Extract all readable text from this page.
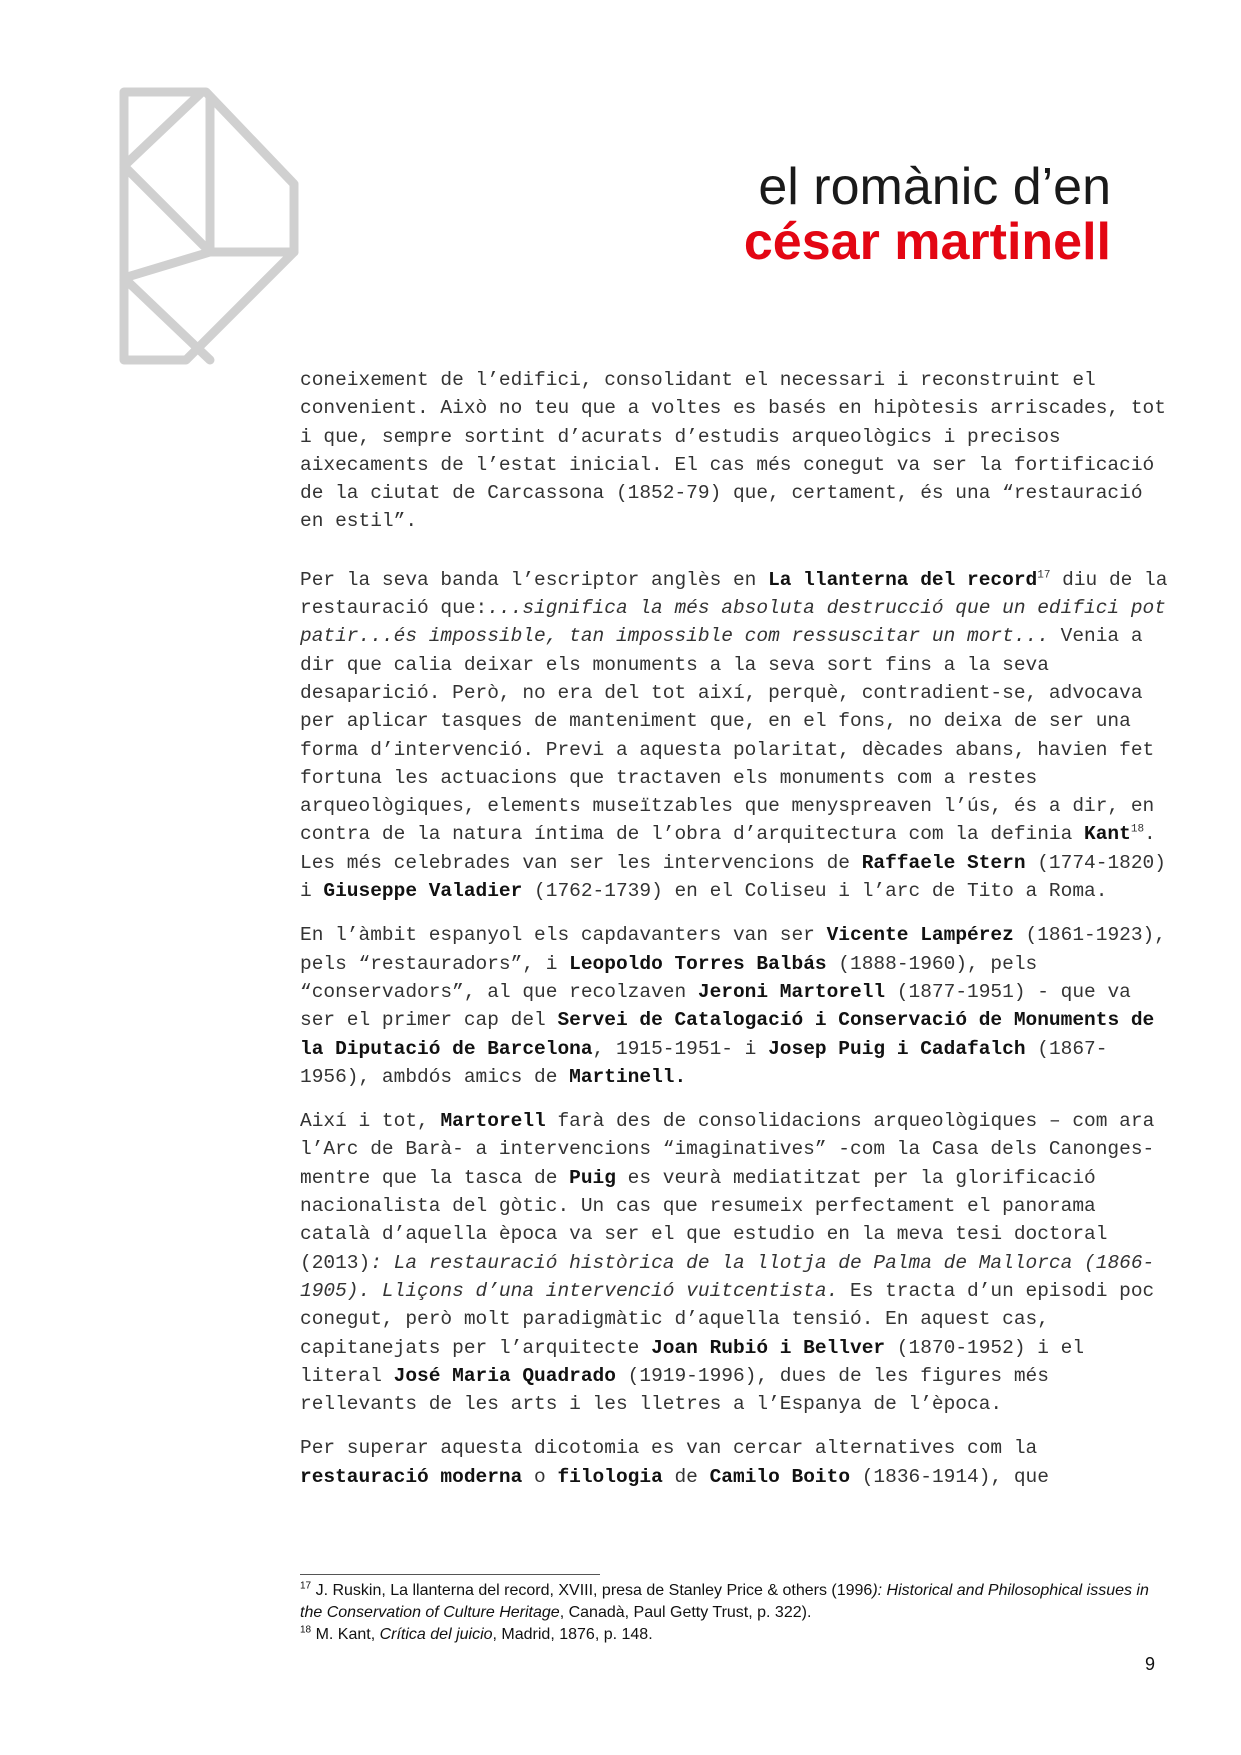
el romànic d’en
césar martinell

coneixement de l’edifici, consolidant el necessari i reconstruint el convenient. Això no teu que a voltes es basés en hipòtesis arriscades, tot i que, sempre sortint d’acurats d’estudis arqueològics i precisos aixecaments de l’estat inicial. El cas més conegut va ser la fortificació de la ciutat de Carcassona (1852-79) que, certament, és una “restauració en estil”.

Per la seva banda l’escriptor anglès en La llanterna del record$^{17}$ diu de la restauració que:...significa la més absoluta destrucció que un edifici pot patir...és impossible, tan impossible com ressuscitar un mort... Venia a dir que calia deixar els monuments a la seva sort fins a la seva desaparició. Però, no era del tot així, perquè, contradient-se, advocava per aplicar tasques de manteniment que, en el fons, no deixa de ser una forma d’intervenció. Previ a aquesta polaritat, dècades abans, havien fet fortuna les actuacions que tractaven els monuments com a restes arqueològiques, elements museïtzables que menyspreaven l’ús, és a dir, en contra de la natura íntima de l’obra d’arquitectura com la definia Kant$^{18}$. Les més celebrades van ser les intervencions de Raffaele Stern (1774-1820) i Giuseppe Valadier (1762-1739) en el Coliseu i l’arc de Tito a Roma.

En l’àmbit espanyol els capdavanters van ser Vicente Lampérez (1861-1923), pels “restauradors”, i Leopoldo Torres Balbás (1888-1960), pels “conservadors”, al que recolzaven Jeroni Martorell (1877-1951) - que va ser el primer cap del Servei de Catalogació i Conservació de Monuments de la Diputació de Barcelona, 1915-1951- i Josep Puig i Cadafalch (1867-1956), ambdós amics de Martinell.

Així i tot, Martorell farà des de consolidacions arqueològiques – com ara l’Arc de Barà- a intervencions “imaginatives” -com la Casa dels Canonges- mentre que la tasca de Puig es veurà mediatitzat per la glorificació nacionalista del gòtic. Un cas que resumeix perfectament el panorama català d’aquella època va ser el que estudio en la meva tesi doctoral (2013): La restauració històrica de la llotja de Palma de Mallorca (1866-1905). Lliçons d’una intervenció vuitcentista. Es tracta d’un episodi poc conegut, però molt paradigmàtic d’aquella tensió. En aquest cas, capitanejats per l’arquitecte Joan Rubió i Bellver (1870-1952) i el literal José Maria Quadrado (1919-1996), dues de les figures més rellevants de les arts i les lletres a l’Espanya de l’època.

Per superar aquesta dicotomia es van cercar alternatives com la restauració moderna o filologia de Camilo Boito (1836-1914), que

$^{17}$ J. Ruskin, La llanterna del record, XVIII, presa de Stanley Price & others (1996): Historical and Philosophical issues in the Conservation of Culture Heritage, Canadà, Paul Getty Trust, p. 322).

$^{18}$ M. Kant, Crítica del juicio, Madrid, 1876, p. 148.

9
